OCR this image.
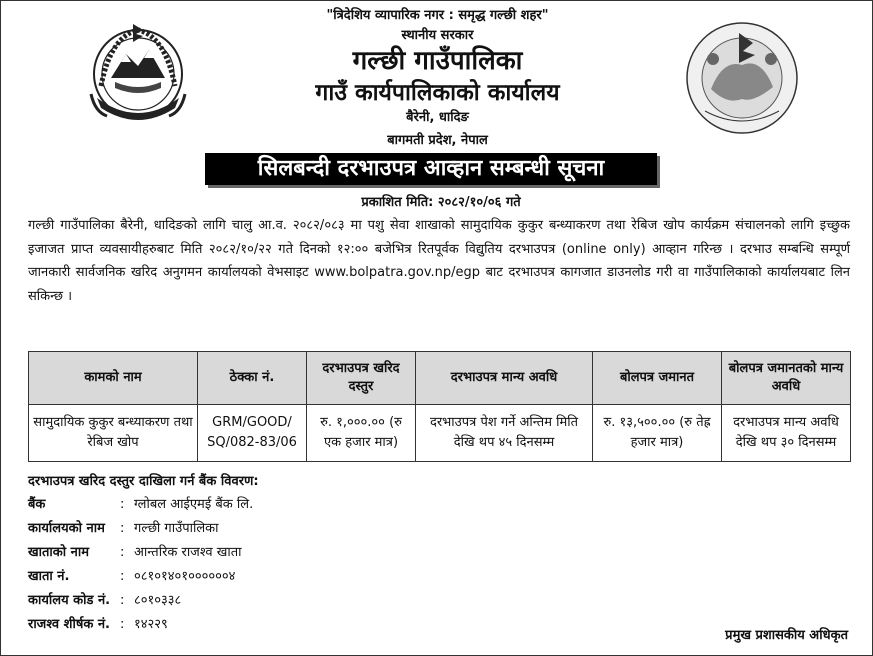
"त्रिदेशिय व्यापारिक नगर : समृद्ध गल्छी शहर"
स्थानीय सरकार
गल्छी गाउँपालिका
गाउँ कार्यपालिकाको कार्यालय
बैरेनी, धादिङ
बागमती प्रदेश, नेपाल
सिलबन्दी दरभाउपत्र आव्हान सम्बन्धी सूचना
प्रकाशित मिति: २०८२/१०/०६ गते
गल्छी गाउँपालिका बैरेनी, धादिङको लागि चालु आ.व. २०८२/०८३ मा पशु सेवा शाखाको सामुदायिक कुकुर बन्ध्याकरण तथा रेबिज खोप कार्यक्रम संचालनको लागि इच्छुक इजाजत प्राप्त व्यवसायीहरुबाट मिति २०८२/१०/२२ गते दिनको १२:०० बजेभित्र रितपूर्वक विद्युतिय दरभाउपत्र (online only) आव्हान गरिन्छ । दरभाउ सम्बन्धि सम्पूर्ण जानकारी सार्वजनिक खरिद अनुगमन कार्यालयको वेभसाइट www.bolpatra.gov.np/egp बाट दरभाउपत्र कागजात डाउनलोड गरी वा गाउँपालिकाको कार्यालयबाट लिन सकिन्छ ।

कामको नाम	ठेक्का नं.	दरभाउपत्र खरिद दस्तुर	दरभाउपत्र मान्य अवधि	बोलपत्र जमानत	बोलपत्र जमानतको मान्य अवधि
सामुदायिक कुकुर बन्ध्याकरण तथा रेबिज खोप	GRM/GOOD/ SQ/082-83/06	रु. १,०००.०० (रु एक हजार मात्र)	दरभाउपत्र पेश गर्ने अन्तिम मिति देखि थप ४५ दिनसम्म	रु. १३,५००.०० (रु तेह्र हजार मात्र)	दरभाउपत्र मान्य अवधि देखि थप ३० दिनसम्म
दरभाउपत्र खरिद दस्तुर दाखिला गर्न बैंक विवरण:
बैंक	: ग्लोबल आईएमई बैंक लि.
कार्यालयको नाम : गल्छी गाउँपालिका
खाताको नाम : आन्तरिक राजश्व खाता
खाता नं.	: ०८१०१४०१००००००४
कार्यालय कोड नं. : ८०१०३३८
राजश्व शीर्षक नं. : १४२२९
प्रमुख प्रशासकीय अधिकृत
